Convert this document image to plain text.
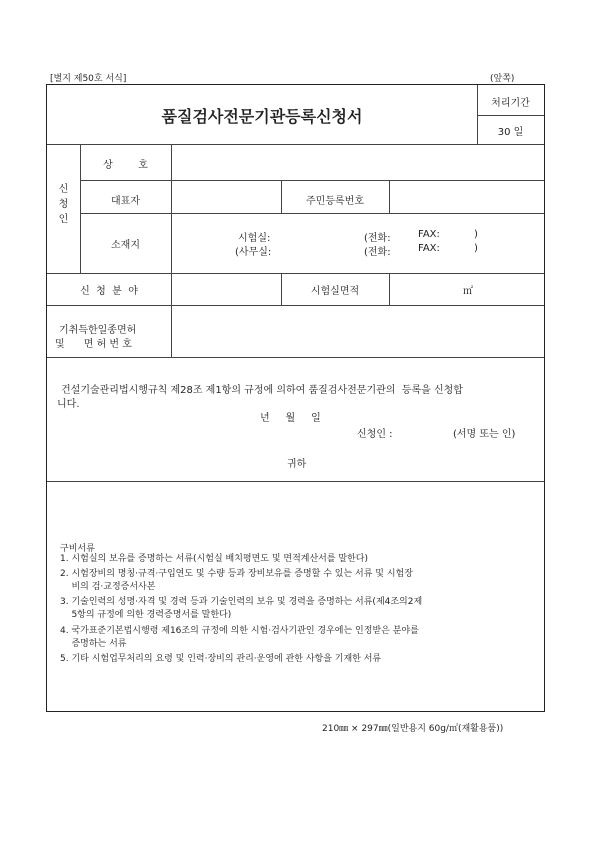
[별지 제50호 서식]	(앞쪽)
품질검사전문기관등록신청서
처리기간
30 일
신
청
인
상        호
대표자	주민등록번호
소재지
시험실:	(전화:	FAX:	)
(사무실:	(전화:	FAX:	)
신  청  분  야	시험실면적	㎡
기취득한일종면허
및      면 허 번 호
건설기술관리법시행규칙 제28조 제1항의 규정에 의하여 품질검사전문기관의  등록을 신청합
니다.
년     월     일
신청인 :	(서명 또는 인)
귀하
구비서류
1. 시험실의 보유를 증명하는 서류(시험실 배치평면도 및 면적계산서를 말한다)
2. 시험장비의 명칭·규격·구입연도 및 수량 등과 장비보유를 증명할 수 있는 서류 및 시험장
비의 검·교정증서사본
3. 기술인력의 성명·자격 및 경력 등과 기술인력의 보유 및 경력을 증명하는 서류(제4조의2제
5항의 규정에 의한 경력증명서를 말한다)
4. 국가표준기본법시행령 제16조의 규정에 의한 시험·검사기관인 경우에는 인정받은 분야를
증명하는 서류
5. 기타 시험업무처리의 요령 및 인력·장비의 관리·운영에 관한 사항을 기재한 서류
210㎜ × 297㎜(일반용지 60g/㎡(재활용품))
